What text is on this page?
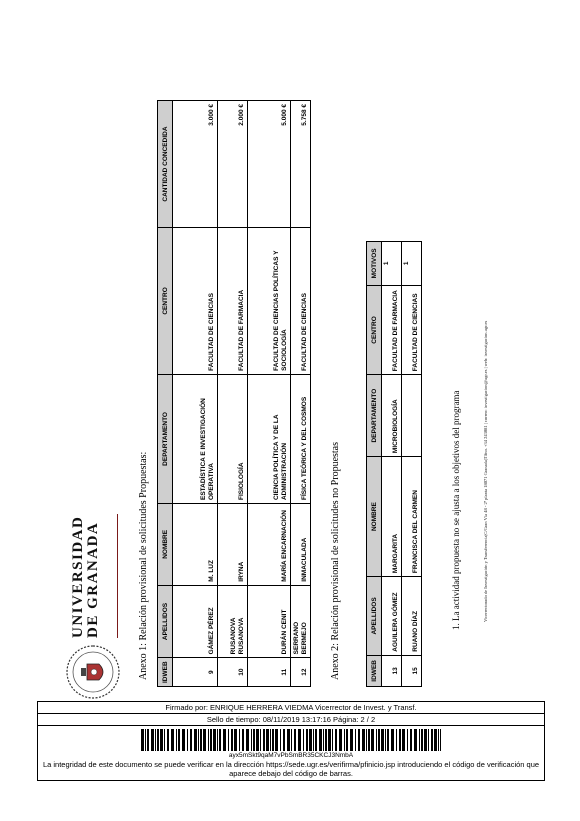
UNIVERSIDAD DE GRANADA	Anexo 1: Relación provisional de solicitudes Propuestas: IDWEB	APELLIDOS	NOMBRE	DEPARTAMENTO	CENTRO	CANTIDAD CONCEDIDA
9	GÁMEZ PÉREZ	M. LUZ	ESTADÍSTICA E INVESTIGACIÓN OPERATIVA	FACULTAD DE CIENCIAS	3.000 €
10	RUSANOVA RUSANOVA	IRYNA	FISIOLOGÍA	FACULTAD DE FARMACIA	2.000 €
11	DURÁN CENIT	MARÍA ENCARNACIÓN	CIENCIA POLÍTICA Y DE LA ADMINISTRACIÓN	FACULTAD DE CIENCIAS POLÍTICAS Y SOCIOLOGÍA	5.000 €
12	SERRANO BERMEJO	INMACULADA	FÍSICA TEÓRICA Y DEL COSMOS	FACULTAD DE CIENCIAS	5.758 €
Anexo 2: Relación provisional de solicitudes no Propuestas	IDWEB	APELLIDOS	NOMBRE	DEPARTAMENTO	CENTRO	MOTIVOS
13	AGUILERA GÓMEZ	MARGARITA	MICROBIOLOGÍA	FACULTAD DE FARMACIA	1
15	RUANO DÍAZ	FRANCISCA DEL CARMEN		FACULTAD DE CIENCIAS	1
1. La actividad propuesta no se ajusta a los objetivos del programa	Vicerrectorado de Investigación y Transferencia|C/Gran Vía 48 - 2ª planta 18071 Granada|Tlfno. +34 243081 | correo: investigacion@ugr.es | web: investigacion.ugr.es
Firmado por: ENRIQUE HERRERA VIEDMA Vicerrector de Invest. y Transf.
Sello de tiempo: 08/11/2019 13:17:16 Página: 2 / 2
ayx5mSkt9qaM7vPbSmBR35CKCJ3NmbA
La integridad de este documento se puede verificar en la dirección https://sede.ugr.es/verifirma/pfinicio.jsp introduciendo el código de verificación que aparece debajo del código de barras.
